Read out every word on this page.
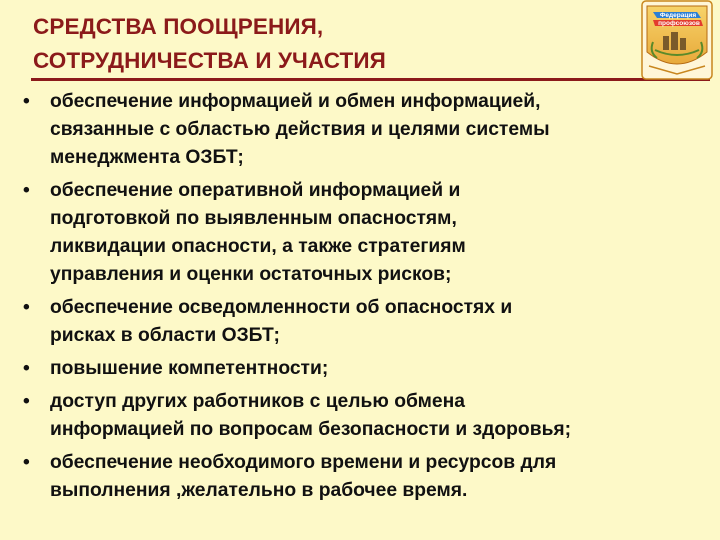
СРЕДСТВА ПООЩРЕНИЯ,
СОТРУДНИЧЕСТВА И УЧАСТИЯ
Федерация
профсоюзов
• обеспечение информацией и обмен информацией,
связанные с областью действия и целями системы
менеджмента ОЗБТ;
• обеспечение оперативной информацией и
подготовкой по выявленным опасностям,
ликвидации опасности, а также стратегиям
управления и оценки остаточных рисков;
• обеспечение осведомленности об опасностях и
рисках в области ОЗБТ;
• повышение компетентности;
• доступ других работников с целью обмена
информацией по вопросам безопасности и здоровья;
• обеспечение необходимого времени и ресурсов для
выполнения ,желательно в рабочее время.
